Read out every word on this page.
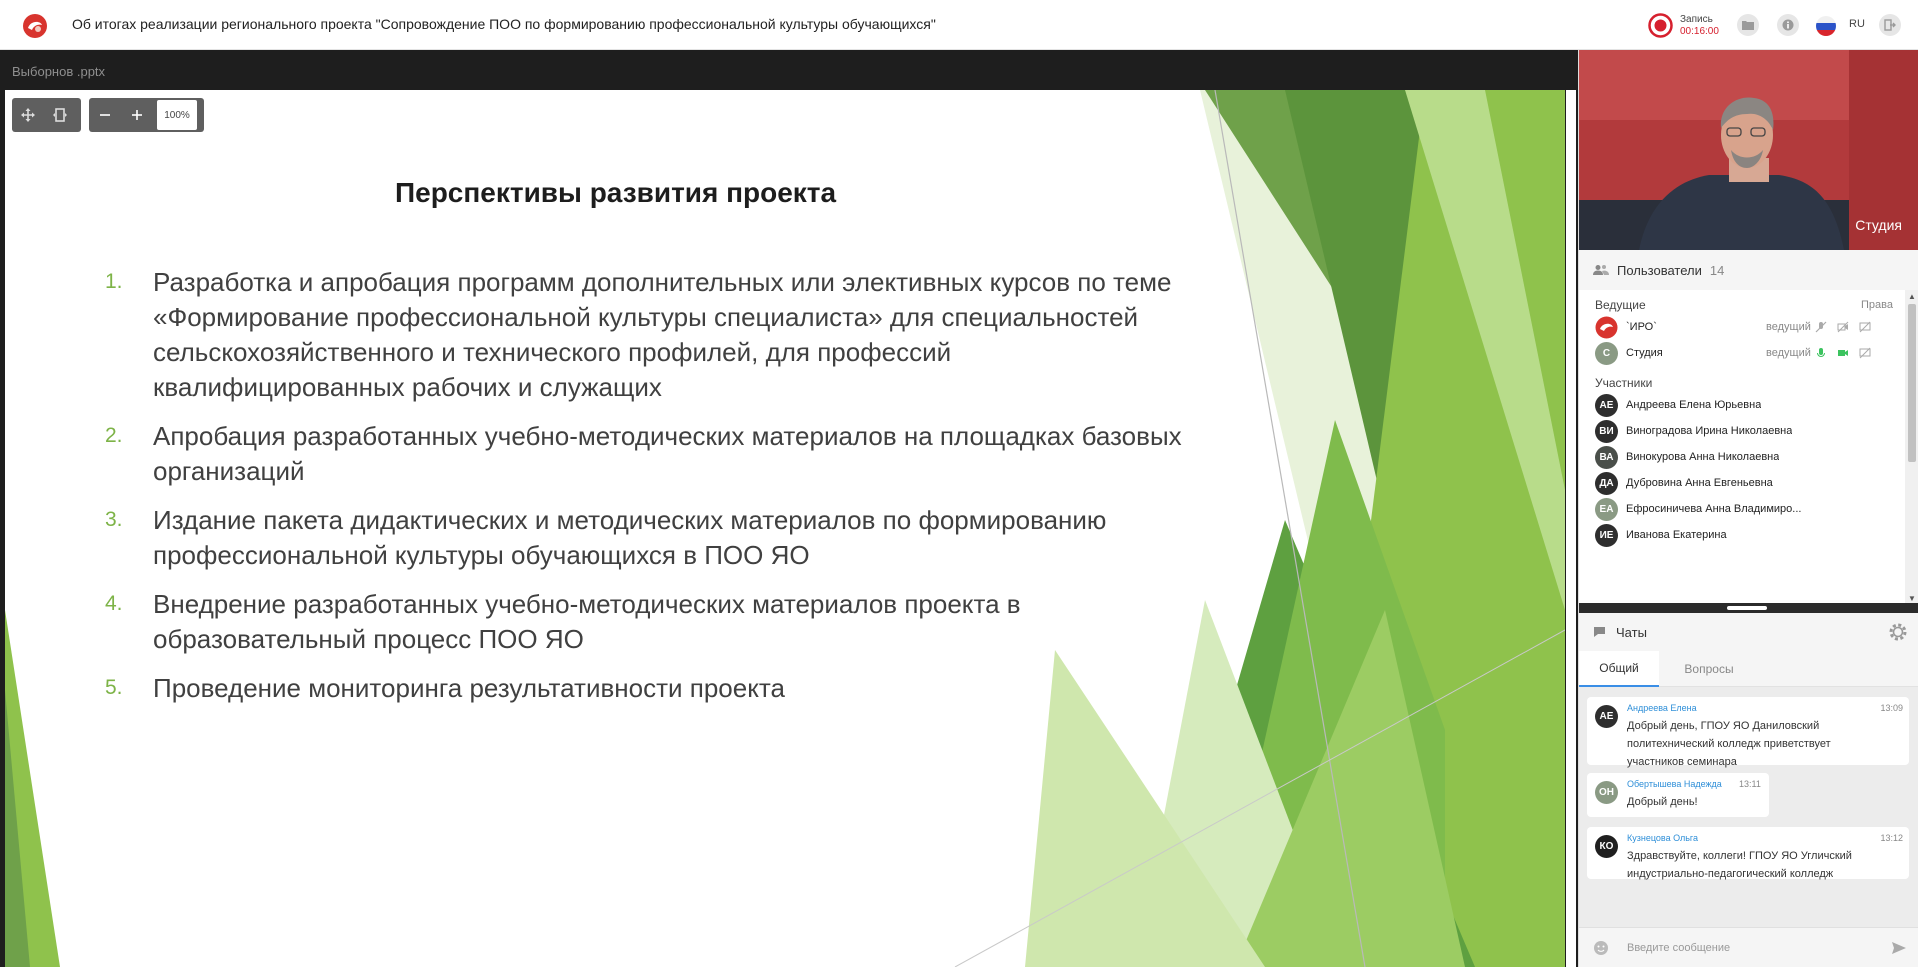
Об итогах реализации регионального проекта "Сопровождение ПОО по формированию профессиональной культуры обучающихся"	Запись
00:16:00
RU
Выборнов .pptx
100%
Перспективы развития проекта
1.	Разработка и апробация программ дополнительных или элективных курсов по теме «Формирование профессиональной культуры специалиста» для специальностей сельскохозяйственного и технического профилей, для профессий квалифицированных рабочих и служащих
2.	Апробация разработанных учебно-методических материалов на площадках базовых организаций
3.	Издание пакета дидактических и методических материалов по формированию профессиональной культуры обучающихся в ПОО ЯО
4.	Внедрение разработанных учебно-методических материалов проекта в образовательный процесс ПОО ЯО
5.	Проведение мониторинга результативности проекта
Студия
Пользователи 14
Ведущие	Права
`ИРО`	ведущий
С	Студия	ведущий
Участники
АЕ	Андреева Елена Юрьевна
ВИ	Виноградова Ирина Николаевна
ВА	Винокурова Анна Николаевна
ДА	Дубровина Анна Евгеньевна
ЕА	Ефросиничева Анна Владимиро...
ИЕ	Иванова Екатерина
▲
▼
Чаты
Общий	Вопросы
АЕ
Андреева Елена	13:09
Добрый день, ГПОУ ЯО Даниловский политехнический колледж приветствует участников семинара
ОН
Обертышева Надежда 13:11
Добрый день!
КО
Кузнецова Ольга	13:12
Здравствуйте, коллеги! ГПОУ ЯО Угличский индустриально-педагогический колледж
Введите сообщение
